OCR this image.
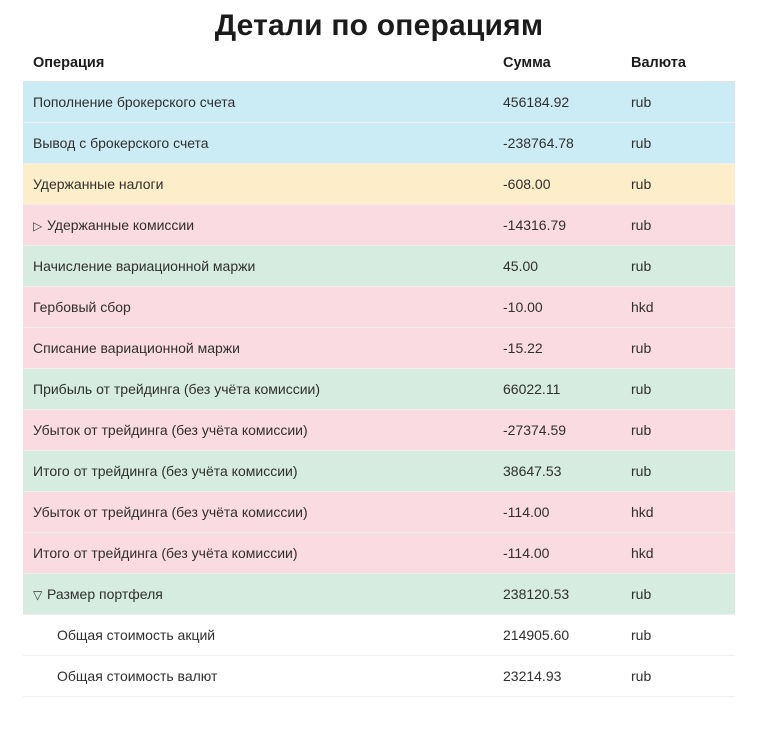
Детали по операциям
Операция	Сумма	Валюта
Пополнение брокерского счета	456184.92	rub
Вывод с брокерского счета	-238764.78	rub
Удержанные налоги	-608.00	rub
▷ Удержанные комиссии	-14316.79	rub
Начисление вариационной маржи	45.00	rub
Гербовый сбор	-10.00	hkd
Списание вариационной маржи	-15.22	rub
Прибыль от трейдинга (без учёта комиссии)	66022.11	rub
Убыток от трейдинга (без учёта комиссии)	-27374.59	rub
Итого от трейдинга (без учёта комиссии)	38647.53	rub
Убыток от трейдинга (без учёта комиссии)	-114.00	hkd
Итого от трейдинга (без учёта комиссии)	-114.00	hkd
▽ Размер портфеля	238120.53	rub
Общая стоимость акций	214905.60	rub
Общая стоимость валют	23214.93	rub
